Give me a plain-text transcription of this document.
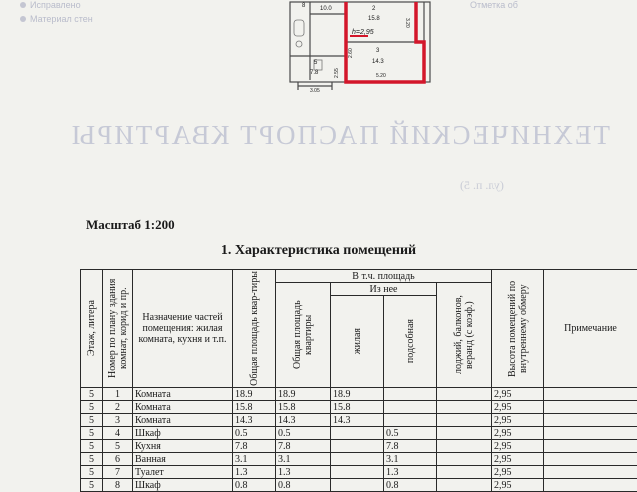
Исправлено
Материал стен
Отметка об
8 10.0	2
15.8
h=2,95
3
14.3
3.20
2.60
2.55
5
7.8	5.20
3.05
ТЕХНИЧЕСКИЙ ПАСПОРТ КВАРТИРЫ
(ул. п. 5)
Масштаб 1:200
1. Характеристика помещений
Этаж, литера	Номер по плану здания комнат, корид и пр.	Назначение частей помещения: жилая комната, кухня и т.п.	Общая площадь квар-тиры	В т.ч. площадь				Высота помещений по внутреннему обмеру	Примечание

				Общая площадь квартиры	Из нее		лоджий, балконов, веранд (с коэф.)		

					жилая	подсобная			

5	1	Комната	18.9	18.9	18.9			2,95	
5	2	Комната	15.8	15.8	15.8			2,95	
5	3	Комната	14.3	14.3	14.3			2,95	
5	4	Шкаф	0.5	0.5		0.5		2,95	
5	5	Кухня	7.8	7.8		7.8		2,95	
5	6	Ванная	3.1	3.1		3.1		2,95	
5	7	Туалет	1.3	1.3		1.3		2,95	
5	8	Шкаф	0.8	0.8		0.8		2,95	
